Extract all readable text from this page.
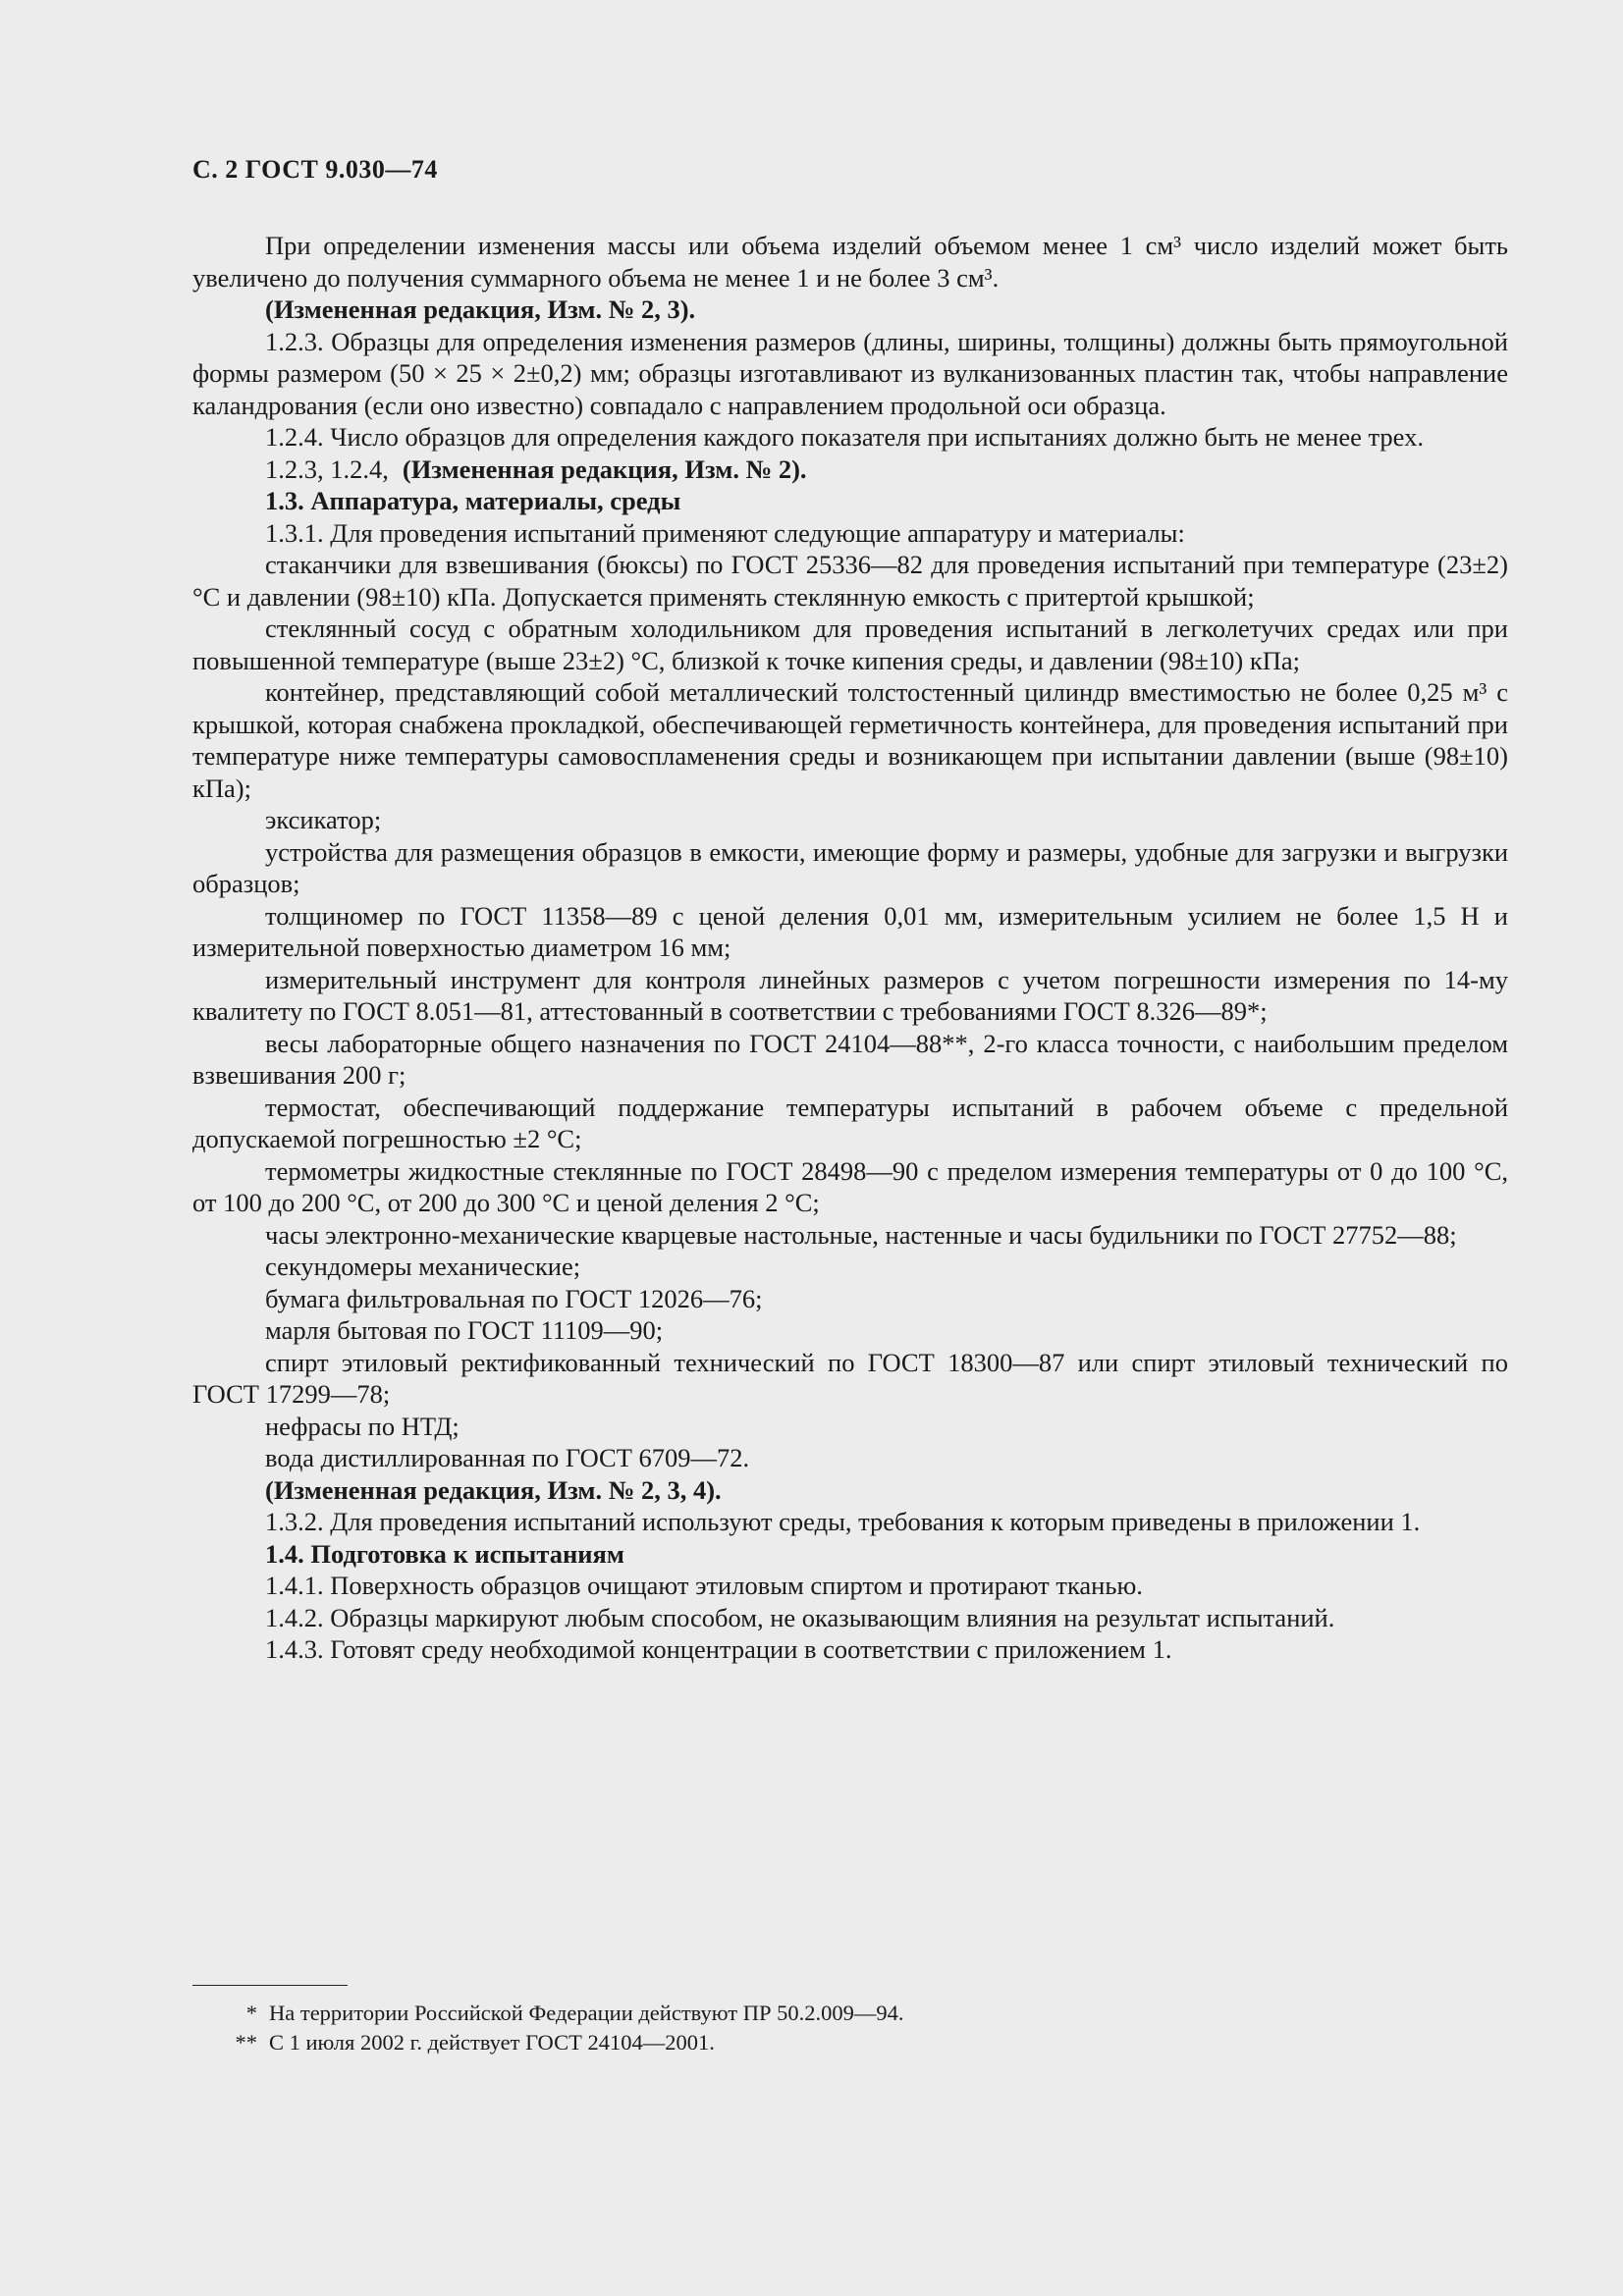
С. 2 ГОСТ 9.030—74

При определении изменения массы или объема изделий объемом менее 1 см³ число изделий может быть увеличено до получения суммарного объема не менее 1 и не более 3 см³.

(Измененная редакция, Изм. № 2, 3).

1.2.3. Образцы для определения изменения размеров (длины, ширины, толщины) должны быть прямоугольной формы размером (50 × 25 × 2±0,2) мм; образцы изготавливают из вулканизованных пластин так, чтобы направление каландрования (если оно известно) совпадало с направлением продольной оси образца.

1.2.4. Число образцов для определения каждого показателя при испытаниях должно быть не менее трех.

1.2.3, 1.2.4, (Измененная редакция, Изм. № 2).

1.3. Аппаратура, материалы, среды

1.3.1. Для проведения испытаний применяют следующие аппаратуру и материалы:

стаканчики для взвешивания (бюксы) по ГОСТ 25336—82 для проведения испытаний при температуре (23±2) °С и давлении (98±10) кПа. Допускается применять стеклянную емкость с притертой крышкой;

стеклянный сосуд с обратным холодильником для проведения испытаний в легколетучих средах или при повышенной температуре (выше 23±2) °С, близкой к точке кипения среды, и давлении (98±10) кПа;

контейнер, представляющий собой металлический толстостенный цилиндр вместимостью не более 0,25 м³ с крышкой, которая снабжена прокладкой, обеспечивающей герметичность контейнера, для проведения испытаний при температуре ниже температуры самовоспламенения среды и возникающем при испытании давлении (выше (98±10) кПа);

эксикатор;

устройства для размещения образцов в емкости, имеющие форму и размеры, удобные для загрузки и выгрузки образцов;

толщиномер по ГОСТ 11358—89 с ценой деления 0,01 мм, измерительным усилием не более 1,5 Н и измерительной поверхностью диаметром 16 мм;

измерительный инструмент для контроля линейных размеров с учетом погрешности измерения по 14-му квалитету по ГОСТ 8.051—81, аттестованный в соответствии с требованиями ГОСТ 8.326—89*;

весы лабораторные общего назначения по ГОСТ 24104—88**, 2-го класса точности, с наибольшим пределом взвешивания 200 г;

термостат, обеспечивающий поддержание температуры испытаний в рабочем объеме с предельной допускаемой погрешностью ±2 °С;

термометры жидкостные стеклянные по ГОСТ 28498—90 с пределом измерения температуры от 0 до 100 °С, от 100 до 200 °С, от 200 до 300 °С и ценой деления 2 °С;

часы электронно-механические кварцевые настольные, настенные и часы будильники по ГОСТ 27752—88;

секундомеры механические;

бумага фильтровальная по ГОСТ 12026—76;

марля бытовая по ГОСТ 11109—90;

спирт этиловый ректификованный технический по ГОСТ 18300—87 или спирт этиловый технический по ГОСТ 17299—78;

нефрасы по НТД;

вода дистиллированная по ГОСТ 6709—72.

(Измененная редакция, Изм. № 2, 3, 4).

1.3.2. Для проведения испытаний используют среды, требования к которым приведены в приложении 1.

1.4. Подготовка к испытаниям

1.4.1. Поверхность образцов очищают этиловым спиртом и протирают тканью.

1.4.2. Образцы маркируют любым способом, не оказывающим влияния на результат испытаний.

1.4.3. Готовят среду необходимой концентрации в соответствии с приложением 1.

* На территории Российской Федерации действуют ПР 50.2.009—94.

** С 1 июля 2002 г. действует ГОСТ 24104—2001.
